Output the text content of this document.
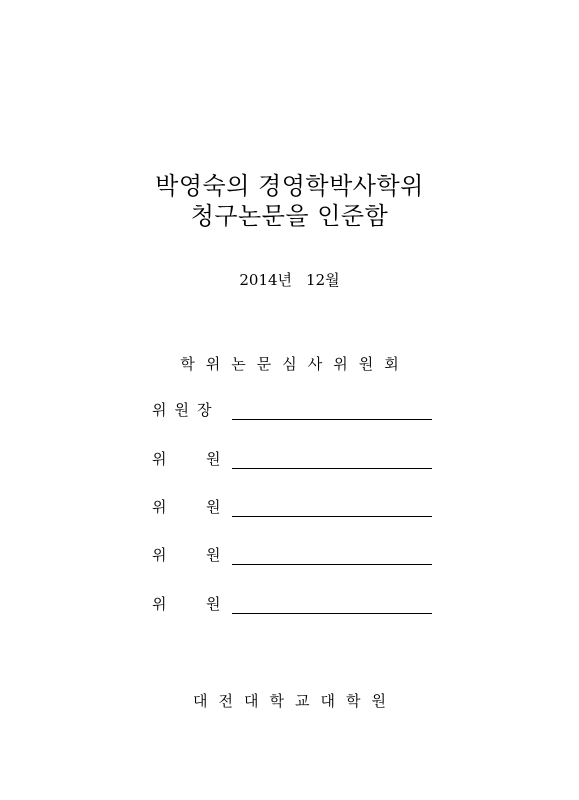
박영숙의 경영학박사학위
청구논문을 인준함
2014년 12월
학위논문심사위원회
위원장
위	원
위	원
위	원
위	원
대전대학교대학원
